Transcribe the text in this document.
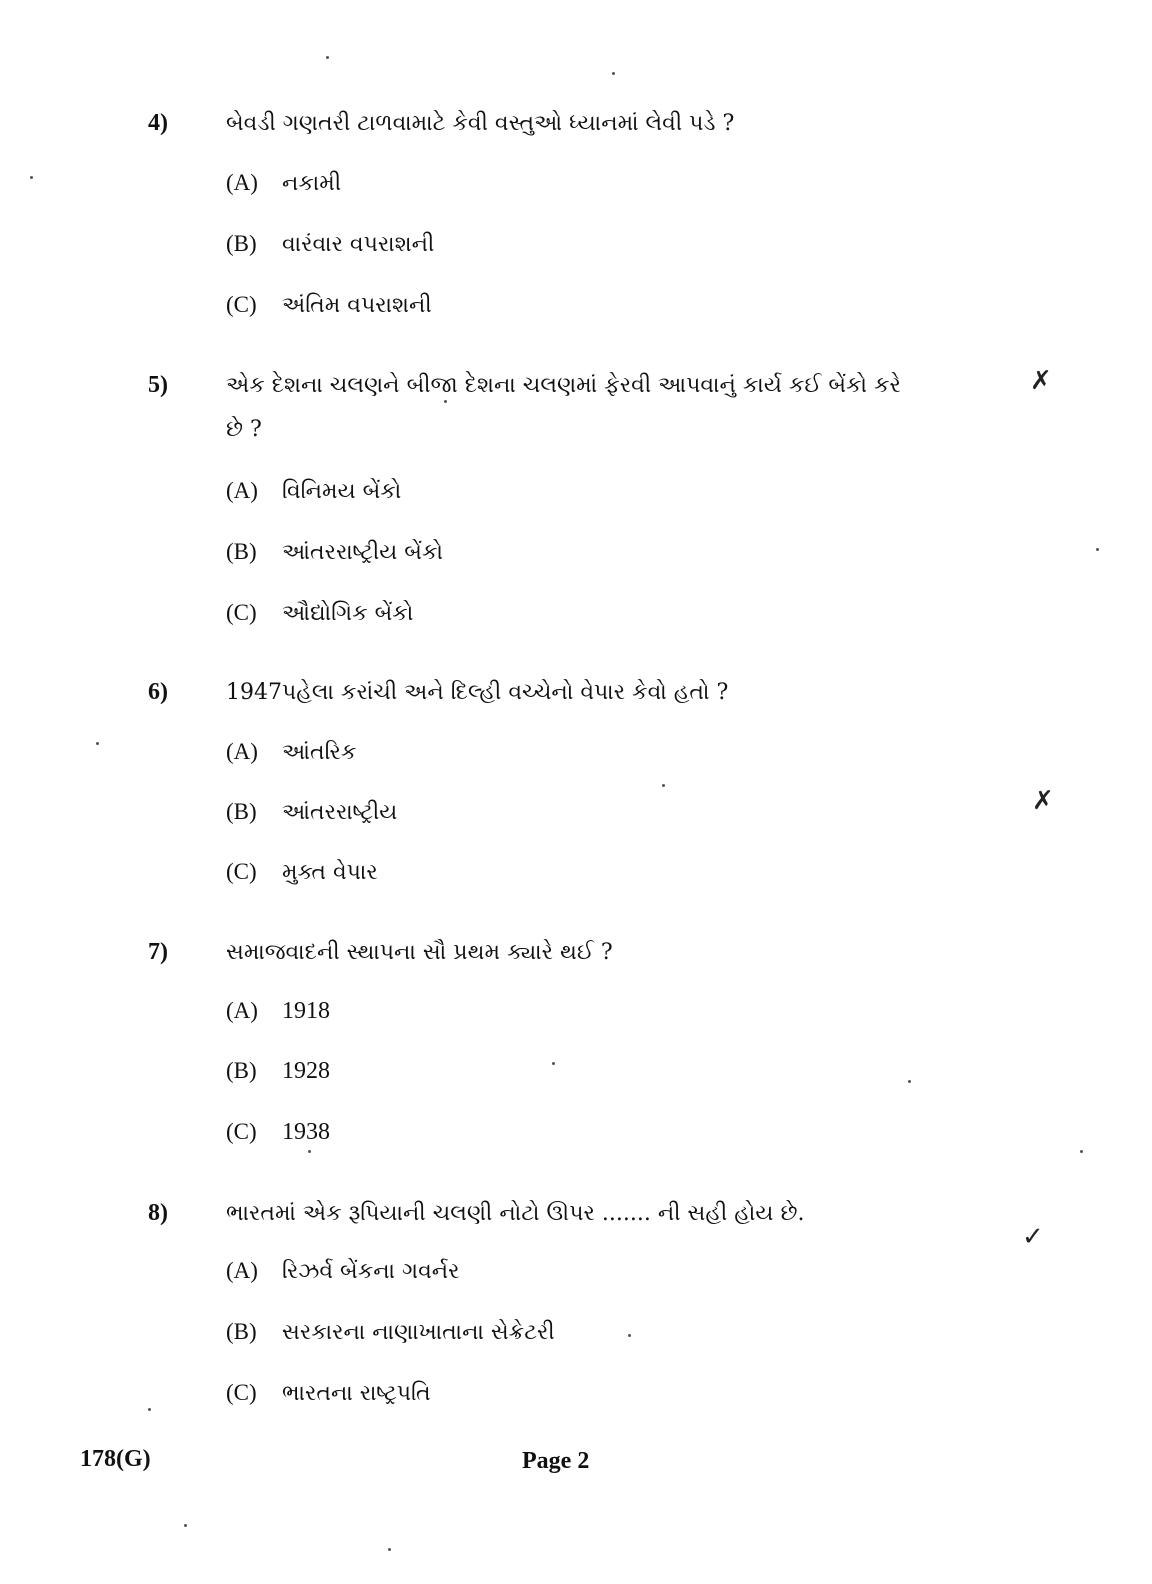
4)	બેવડી ગણતરી ટાળવામાટે કેવી વસ્તુઓ ધ્યાનમાં લેવી પડે ?
(A) નકામી
(B) વારંવાર વપરાશની
(C) અંતિમ વપરાશની
5)	એક દેશના ચલણને બીજા દેશના ચલણમાં ફેરવી આપવાનું કાર્ય કઈ બેંકો કરે છે ?
(A) વિનિમય બેંકો
(B) આંતરરાષ્ટ્રીય બેંકો
(C) ઔદ્યોગિક બેંકો
6)	1947પહેલા કરાંચી અને દિલ્હી વચ્ચેનો વેપાર કેવો હતો ?
(A) આંતરિક
(B) આંતરરાષ્ટ્રીય
(C) મુક્ત વેપાર
7)	સમાજવાદની સ્થાપના સૌ પ્રથમ ક્યારે થઈ ?
(A) 1918
(B) 1928
(C) 1938
8)	ભારતમાં એક રૂપિયાની ચલણી નોટો ઊપર ....... ની સહી હોય છે.
(A) રિઝર્વ બેંકના ગવર્નર
(B) સરકારના નાણાખાતાના સેક્રેટરી
(C) ભારતના રાષ્ટ્રપતિ
178(G)	Page 2
✗
✗
✓
